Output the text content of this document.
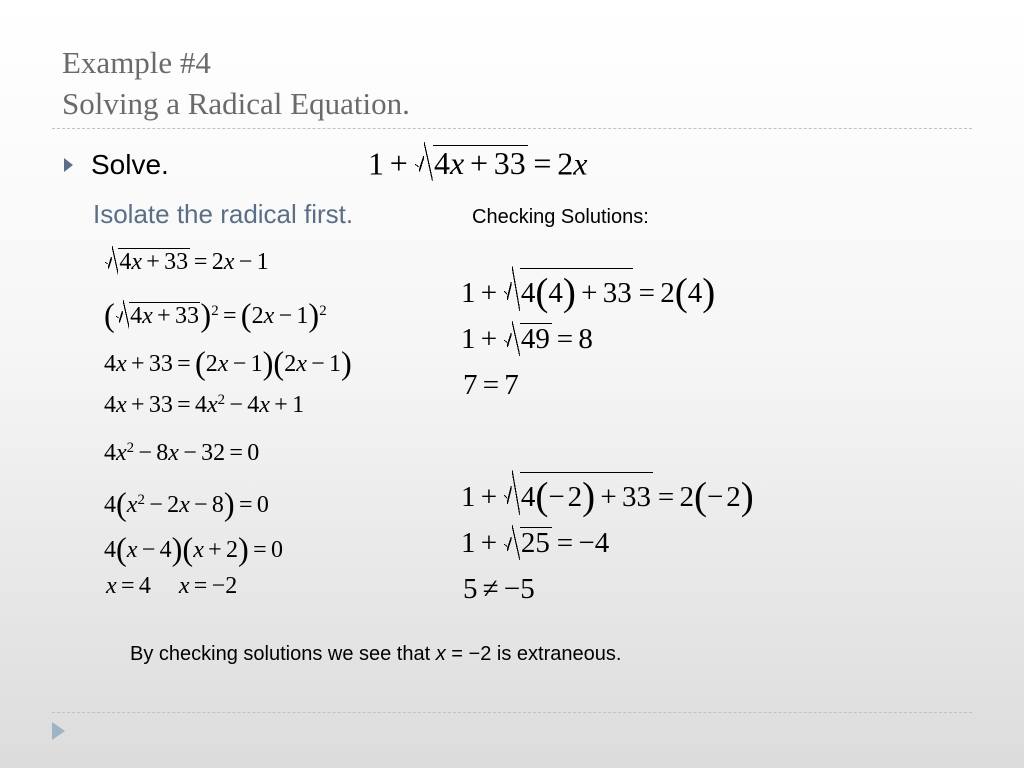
Example #4
Solving a Radical Equation.
Solve.	1 + 4x + 33 = 2x
Isolate the radical first.	Checking Solutions:
4x + 33 = 2x − 1
( $4x + 33)^2 = (2x - 1)^2$
4x + 33 = (2x − 1)(2x − 1)
$4x + 33 = 4x^2 - 4x + 1$
$4x^2 - 8x - 32 = 0$
$4(x^2 - 2x - 8) = 0$
4(x − 4)(x + 2) = 0
x = 4 x = −2
1 + 4(4) + 33 = 2(4)
1 + 49 = 8
7 = 7
1 + 4(−2) + 33 = 2(−2)
1 + 25 = −4
5 ≠ −5
By checking solutions we see that x = −2 is extraneous.
